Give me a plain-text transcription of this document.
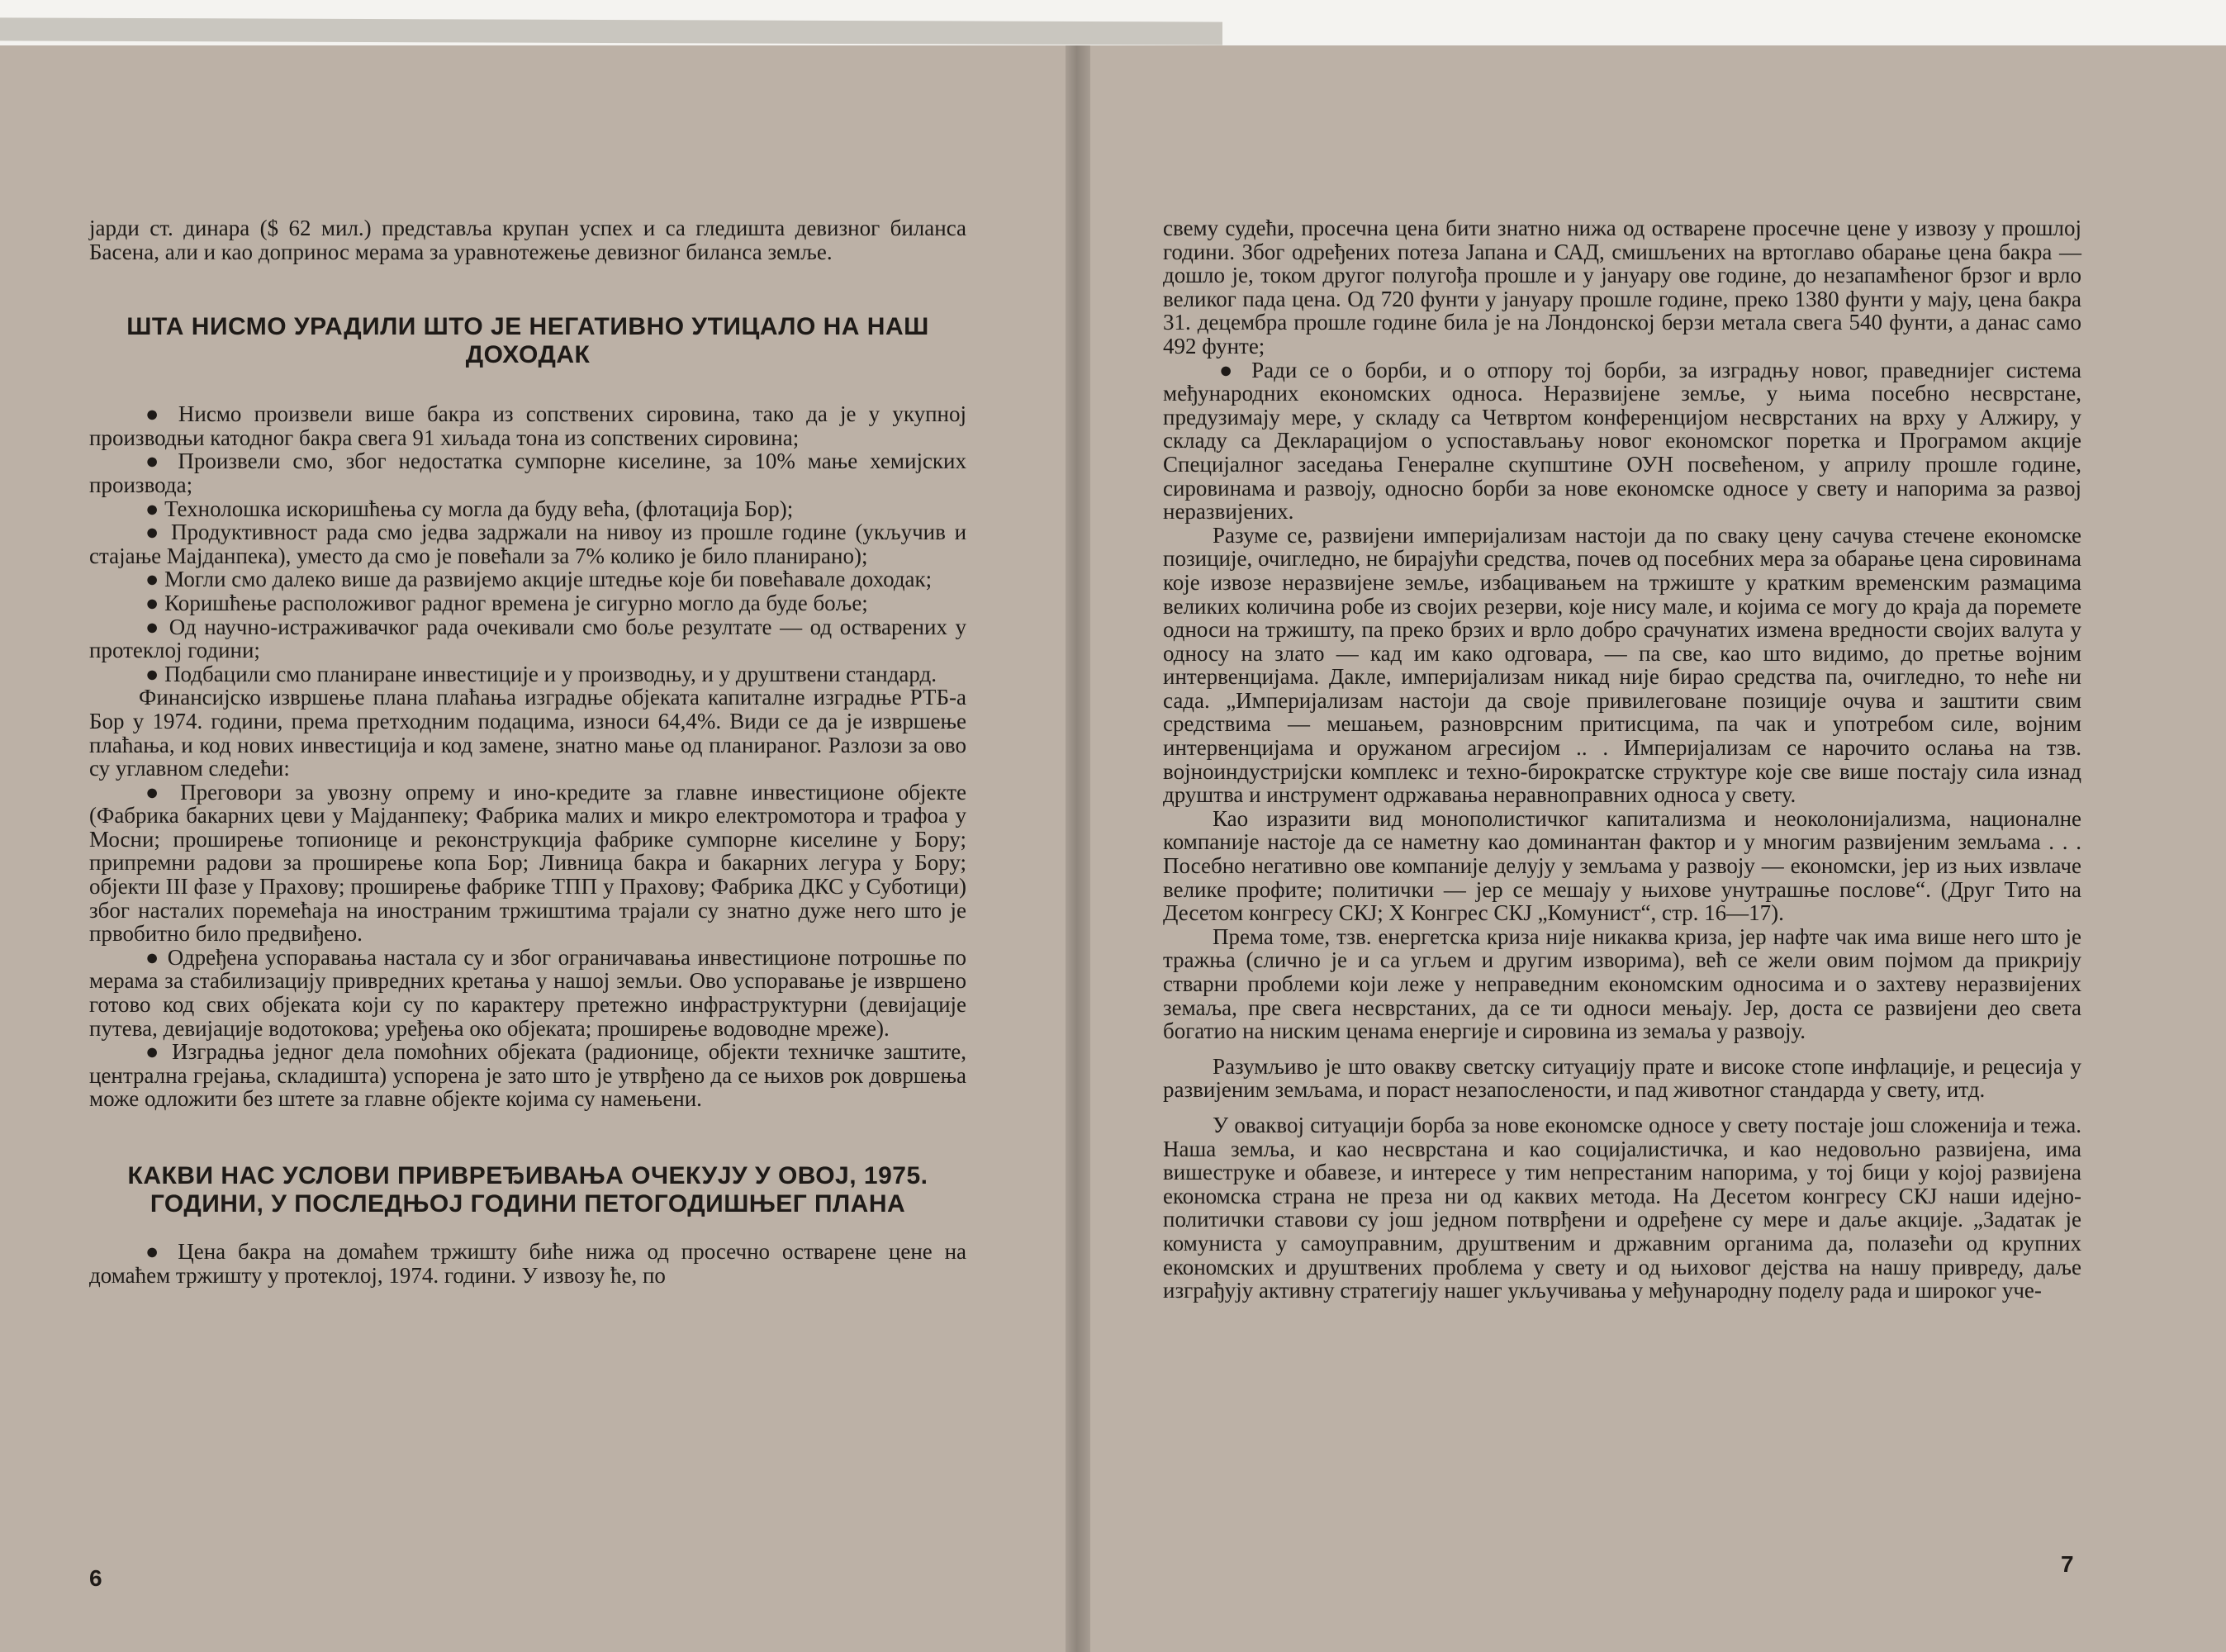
јарди ст. динара ($ 62 мил.) представља крупан успех и са гледишта девизног биланса Басена, али и као допринос мерама за уравнотежење девизног биланса земље.

ШТА НИСМО УРАДИЛИ ШТО ЈЕ НЕГАТИВНО УТИЦАЛО НА НАШ ДОХОДАК

● Нисмо произвели више бакра из сопствених сировина, тако да је у укупној производњи катодног бакра свега 91 хиљада тона из сопствених сировина;

● Произвели смо, због недостатка сумпорне киселине, за 10% мање хемијских производа;

● Технолошка искоришћења су могла да буду већа, (флотација Бор);

● Продуктивност рада смо једва задржали на нивоу из прошле године (укључив и стајање Мајданпека), уместо да смо је повећали за 7% колико је било планирано);

● Могли смо далеко више да развијемо акције штедње које би повећавале доходак;

● Коришћење расположивог радног времена је сигурно могло да буде боље;

● Од научно-истраживачког рада очекивали смо боље резултате — од остварених у протеклој години;

● Подбацили смо планиране инвестиције и у производњу, и у друштвени стандард.

Финансијско извршење плана плаћања изградње објеката капиталне изградње РТБ-а Бор у 1974. години, према претходним подацима, износи 64,4%. Види се да је извршење плаћања, и код нових инвестиција и код замене, знатно мање од планираног. Разлози за ово су углавном следећи:

● Преговори за увозну опрему и ино-кредите за главне инвестиционе објекте (Фабрика бакарних цеви у Мајданпеку; Фабрика малих и микро електромотора и трафоа у Мосни; проширење топионице и реконструкција фабрике сумпорне киселине у Бору; припремни радови за проширење копа Бор; Ливница бакра и бакарних легура у Бору; објекти III фазе у Прахову; проширење фабрике ТПП у Прахову; Фабрика ДКС у Суботици) због насталих поремећаја на иностраним тржиштима трајали су знатно дуже него што је првобитно било предвиђено.

● Одређена успоравања настала су и због ограничавања инвестиционе потрошње по мерама за стабилизацију привредних кретања у нашој земљи. Ово успоравање је извршено готово код свих објеката који су по карактеру претежно инфраструктурни (девијације путева, девијације водотокова; уређења око објеката; проширење водоводне мреже).

● Изградња једног дела помоћних објеката (радионице, објекти техничке заштите, централна грејања, складишта) успорена је зато што је утврђено да се њихов рок довршења може одложити без штете за главне објекте којима су намењени.

КАКВИ НАС УСЛОВИ ПРИВРЕЂИВАЊА ОЧЕКУЈУ У ОВОЈ, 1975. ГОДИНИ, У ПОСЛЕДЊОЈ ГОДИНИ ПЕТОГОДИШЊЕГ ПЛАНА

● Цена бакра на домаћем тржишту биће нижа од просечно остварене цене на домаћем тржишту у протеклој, 1974. години. У извозу ће, по

6

свему судећи, просечна цена бити знатно нижа од остварене просечне цене у извозу у прошлој години. Због одређених потеза Јапана и САД, смишљених на вртоглаво обарање цена бакра — дошло је, током другог полугођа прошле и у јануару ове године, до незапамћеног брзог и врло великог пада цена. Од 720 фунти у јануару прошле године, преко 1380 фунти у мају, цена бакра 31. децембра прошле године била је на Лондонској берзи метала свега 540 фунти, а данас само 492 фунте;

● Ради се о борби, и о отпору тој борби, за изградњу новог, праведнијег система међународних економских односа. Неразвијене земље, у њима посебно несврстане, предузимају мере, у складу са Четвртом конференцијом несврстаних на врху у Алжиру, у складу са Декларацијом о успостављању новог економског поретка и Програмом акције Специјалног заседања Генералне скупштине ОУН посвећеном, у априлу прошле године, сировинама и развоју, односно борби за нове економске односе у свету и напорима за развој неразвијених.

Разуме се, развијени империјализам настоји да по сваку цену сачува стечене економске позиције, очигледно, не бирајући средства, почев од посебних мера за обарање цена сировинама које извозе неразвијене земље, избацивањем на тржиште у кратким временским размацима великих количина робе из својих резерви, које нису мале, и којима се могу до краја да поремете односи на тржишту, па преко брзих и врло добро срачунатих измена вредности својих валута у односу на злато — кад им како одговара, — па све, као што видимо, до претње војним интервенцијама. Дакле, империјализам никад није бирао средства па, очигледно, то неће ни сада. „Империјализам настоји да своје привилеговане позиције очува и заштити свим средствима — мешањем, разноврсним притисцима, па чак и употребом силе, војним интервенцијама и оружаном агресијом .. . Империјализам се нарочито ослања на тзв. војноиндустријски комплекс и техно-бирократске структуре које све више постају сила изнад друштва и инструмент одржавања неравноправних односа у свету.

Као изразити вид монополистичког капитализма и неоколонијализма, националне компаније настоје да се наметну као доминантан фактор и у многим развијеним земљама . . . Посебно негативно ове компаније делују у земљама у развоју — економски, јер из њих извлаче велике профите; политички — јер се мешају у њихове унутрашње послове“. (Друг Тито на Десетом конгресу СКЈ; X Конгрес СКЈ „Комунист“, стр. 16—17).

Према томе, тзв. енергетска криза није никаква криза, јер нафте чак има више него што је тражња (слично је и са угљем и другим изворима), већ се жели овим појмом да прикрију стварни проблеми који леже у неправедним економским односима и о захтеву неразвијених земаља, пре свега несврстаних, да се ти односи мењају. Јер, доста се развијени део света богатио на ниским ценама енергије и сировина из земаља у развоју.

Разумљиво је што овакву светску ситуацију прате и високе стопе инфлације, и рецесија у развијеним земљама, и пораст незапослености, и пад животног стандарда у свету, итд.

У оваквој ситуацији борба за нове економске односе у свету постаје још сложенија и тежа. Наша земља, и као несврстана и као социјалистичка, и као недовољно развијена, има вишеструке и обавезе, и интересе у тим непрестаним напорима, у тој бици у којој развијена економска страна не преза ни од каквих метода. На Десетом конгресу СКЈ наши идејно-политички ставови су још једном потврђени и одређене су мере и даље акције. „Задатак је комуниста у самоуправним, друштвеним и државним органима да, полазећи од крупних економских и друштвених проблема у свету и од њиховог дејства на нашу привреду, даље изграђују активну стратегију нашег укључивања у међународну поделу рада и широког уче-

7
